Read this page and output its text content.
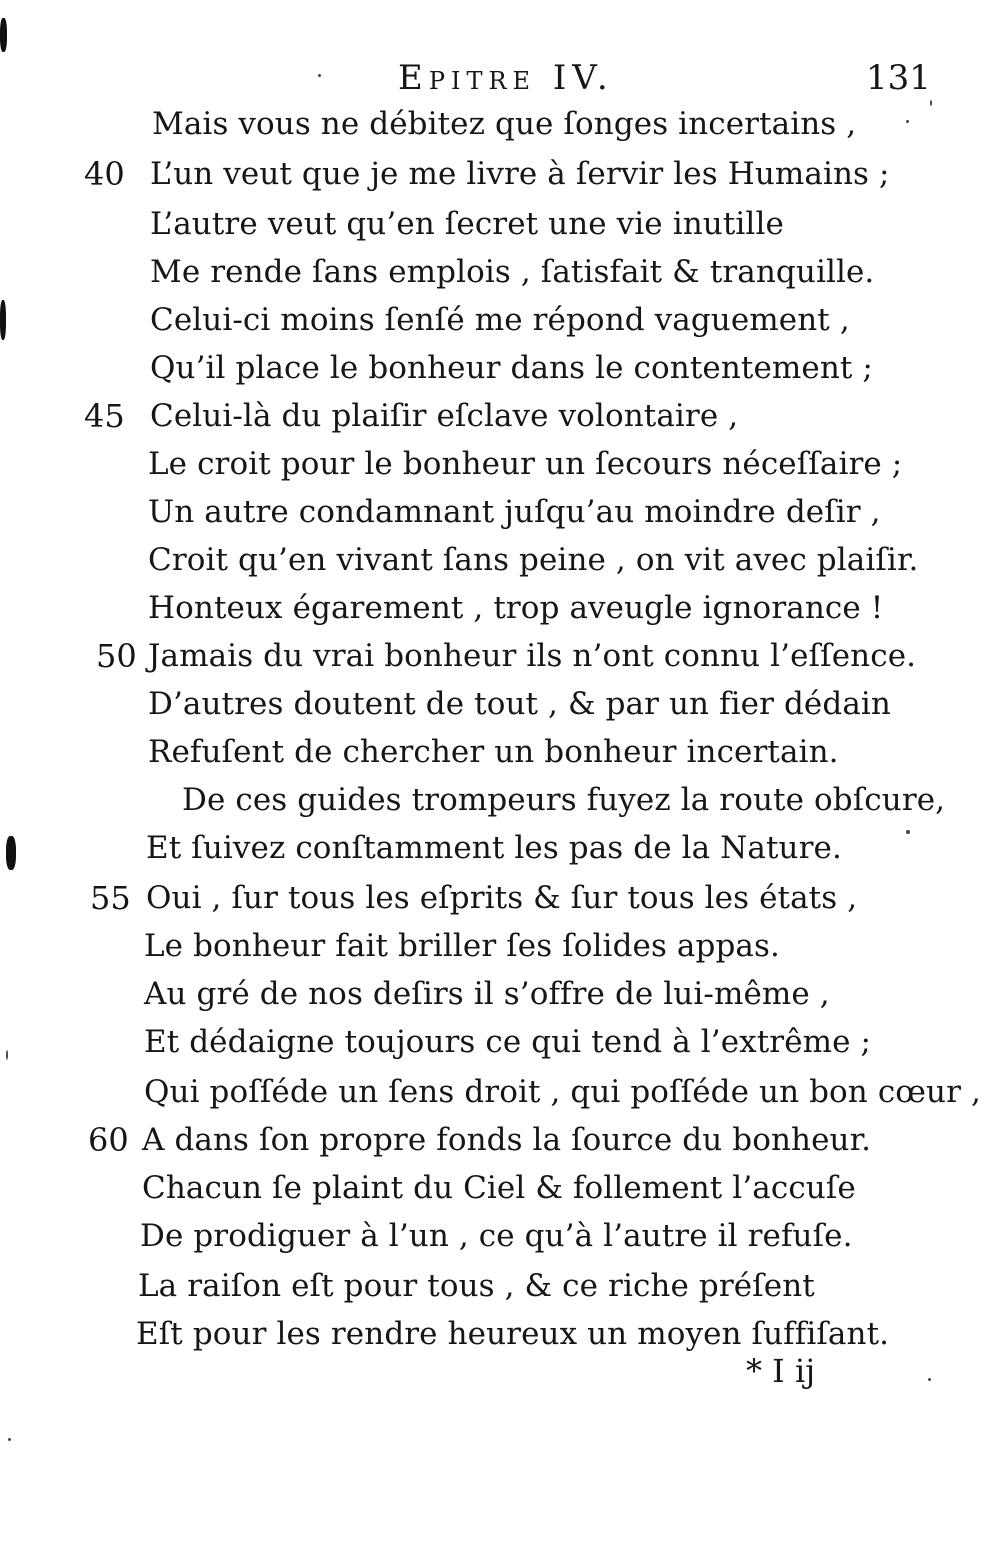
Epitre IV.	131
Mais vous ne débitez que ſonges incertains ,
40 L’un veut que je me livre à ſervir les Humains ;
L’autre veut qu’en ſecret une vie inutille
Me rende ſans emplois , ſatisfait & tranquille.
Celui-ci moins ſenſé me répond vaguement ,
Qu’il place le bonheur dans le contentement ;
45 Celui-là du plaiſir eſclave volontaire ,
Le croit pour le bonheur un ſecours néceſſaire ;
Un autre condamnant juſqu’au moindre deſir ,
Croit qu’en vivant ſans peine , on vit avec plaiſir.
Honteux égarement , trop aveugle ignorance !
50 Jamais du vrai bonheur ils n’ont connu l’eſſence.
D’autres doutent de tout , & par un fier dédain
Refuſent de chercher un bonheur incertain.
De ces guides trompeurs fuyez la route obſcure,
Et ſuivez conſtamment les pas de la Nature.
55 Oui , ſur tous les eſprits & ſur tous les états ,
Le bonheur fait briller ſes ſolides appas.
Au gré de nos deſirs il s’offre de lui-même ,
Et dédaigne toujours ce qui tend à l’extrême ;
Qui poſſéde un ſens droit , qui poſſéde un bon cœur ,
60 A dans ſon propre fonds la ſource du bonheur.
Chacun ſe plaint du Ciel & follement l’accuſe
De prodiguer à l’un , ce qu’à l’autre il refuſe.
La raiſon eſt pour tous , & ce riche préſent
Eſt pour les rendre heureux un moyen ſuffiſant.
* I ij
